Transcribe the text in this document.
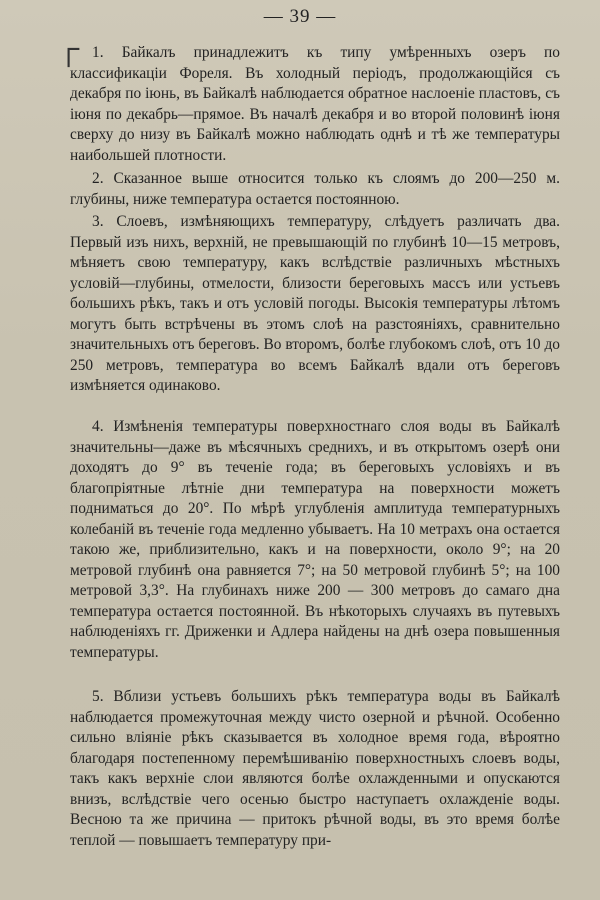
— 39 —
┌ 1. Байкалъ принадлежитъ къ типу умѣренныхъ озеръ по классификаціи Фореля. Въ холодный періодъ, продолжающійся съ декабря по іюнь, въ Байкалѣ наблюдается обратное наслоеніе пластовъ, съ іюня по декабрь—прямое. Въ началѣ декабря и во второй половинѣ іюня сверху до низу въ Байкалѣ можно наблюдать однѣ и тѣ же температуры наибольшей плотности.

2. Сказанное выше относится только къ слоямъ до 200—250 м. глубины, ниже температура остается постоянною.

3. Слоевъ, измѣняющихъ температуру, слѣдуетъ различать два. Первый изъ нихъ, верхній, не превышающій по глубинѣ 10—15 метровъ, мѣняетъ свою температуру, какъ вслѣдствіе различныхъ мѣстныхъ условій—глубины, отмелости, близости береговыхъ массъ или устьевъ большихъ рѣкъ, такъ и отъ условій погоды. Высокія температуры лѣтомъ могутъ быть встрѣчены въ этомъ слоѣ на разстояніяхъ, сравнительно значительныхъ отъ береговъ. Во второмъ, болѣе глубокомъ слоѣ, отъ 10 до 250 метровъ, температура во всемъ Байкалѣ вдали отъ береговъ измѣняется одинаково.

4. Измѣненія температуры поверхностнаго слоя воды въ Байкалѣ значительны—даже въ мѣсячныхъ среднихъ, и въ открытомъ озерѣ они доходятъ до 9° въ теченіе года; въ береговыхъ условіяхъ и въ благопріятные лѣтніе дни температура на поверхности можетъ подниматься до 20°. По мѣрѣ углубленія амплитуда температурныхъ колебаній въ теченіе года медленно убываетъ. На 10 метрахъ она остается такою же, приблизительно, какъ и на поверхности, около 9°; на 20 метровой глубинѣ она равняется 7°; на 50 метровой глубинѣ 5°; на 100 метровой 3,3°. На глубинахъ ниже 200 — 300 метровъ до самаго дна температура остается постоянной. Въ нѣкоторыхъ случаяхъ въ путевыхъ наблюденіяхъ гг. Дриженки и Адлера найдены на днѣ озера повышенныя температуры.

5. Вблизи устьевъ большихъ рѣкъ температура воды въ Байкалѣ наблюдается промежуточная между чисто озерной и рѣчной. Особенно сильно вліяніе рѣкъ сказывается въ холодное время года, вѣроятно благодаря постепенному перемѣшиванію поверхностныхъ слоевъ воды, такъ какъ верхніе слои являются болѣе охлажденными и опускаются внизъ, вслѣдствіе чего осенью быстро наступаетъ охлажденіе воды. Весною та же причина — притокъ рѣчной воды, въ это время болѣе теплой — повышаетъ температуру при-
